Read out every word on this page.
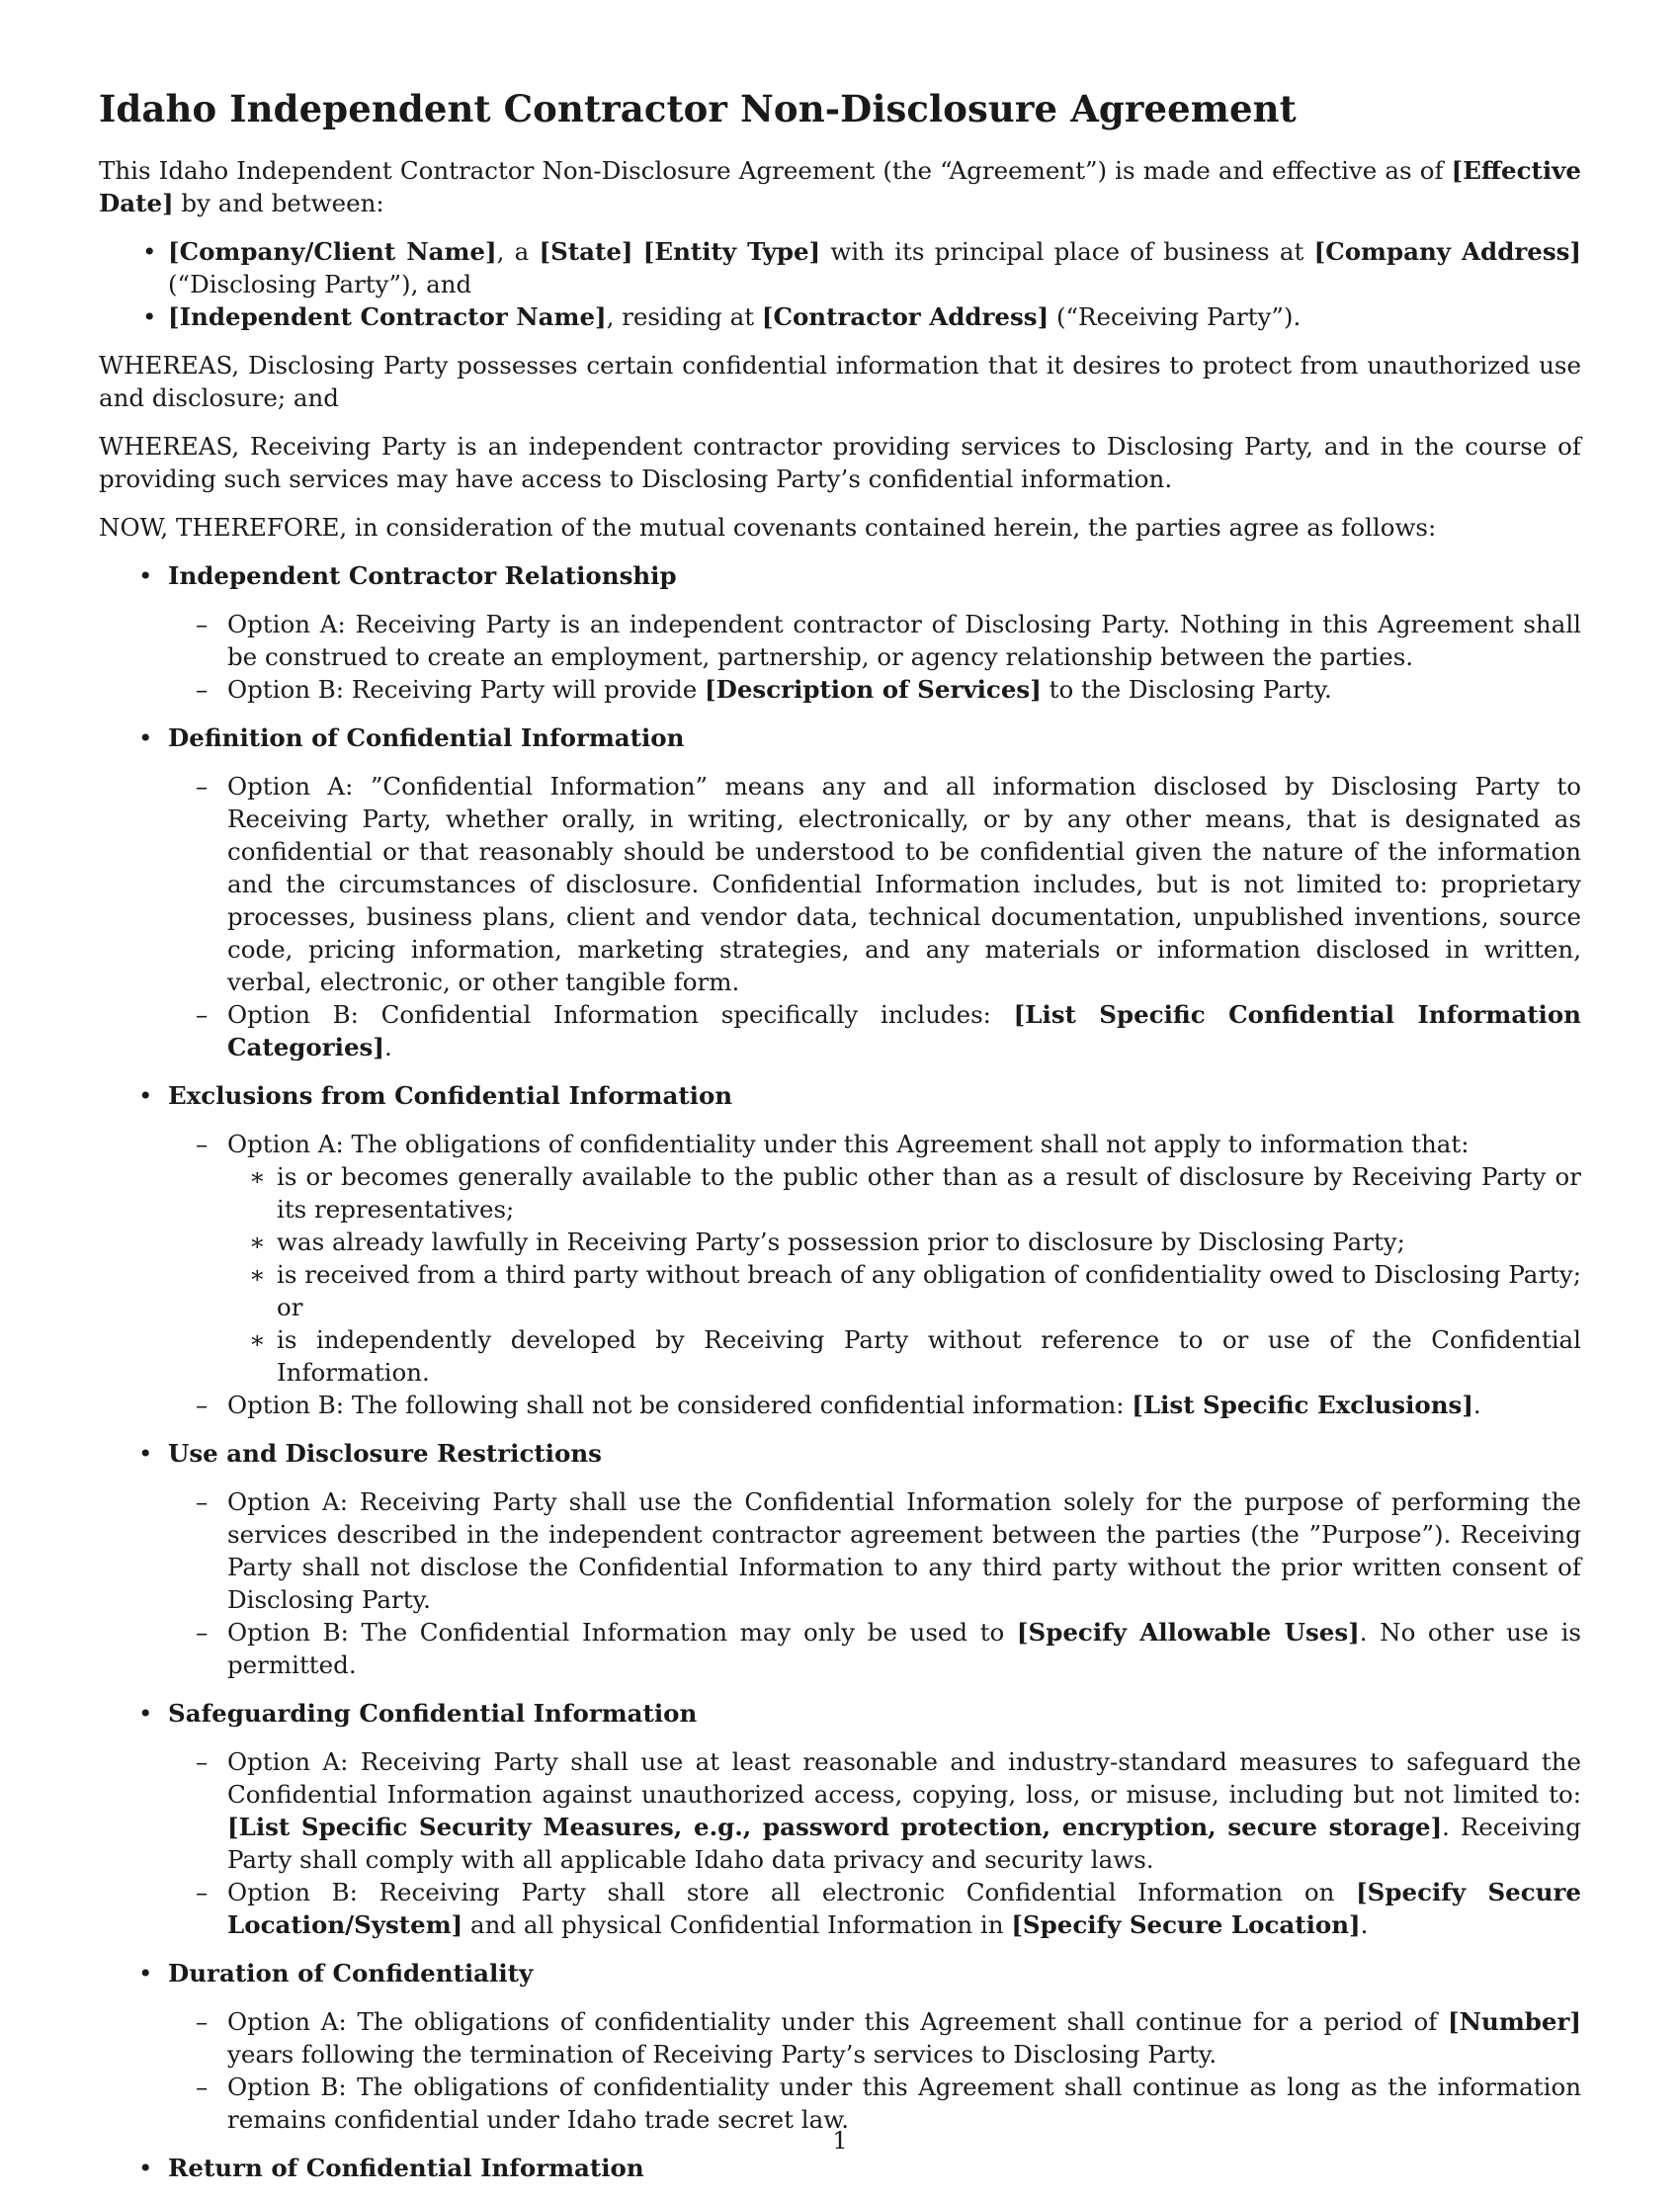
Idaho Independent Contractor Non-Disclosure Agreement

This Idaho Independent Contractor Non-Disclosure Agreement (the “Agreement”) is made and effective as of [Effective Date] by and between:

• [Company/Client Name], a [State] [Entity Type] with its principal place of business at [Company Address] (“Disclosing Party”), and
• [Independent Contractor Name], residing at [Contractor Address] (“Receiving Party”).

WHEREAS, Disclosing Party possesses certain confidential information that it desires to protect from unauthorized use and disclosure; and

WHEREAS, Receiving Party is an independent contractor providing services to Disclosing Party, and in the course of providing such services may have access to Disclosing Party’s confidential information.

NOW, THEREFORE, in consideration of the mutual covenants contained herein, the parties agree as follows:

• Independent Contractor Relationship
– Option A: Receiving Party is an independent contractor of Disclosing Party. Nothing in this Agreement shall be construed to create an employment, partnership, or agency relationship between the parties.
– Option B: Receiving Party will provide [Description of Services] to the Disclosing Party.
• Definition of Confidential Information
– Option A: ”Confidential Information” means any and all information disclosed by Disclosing Party to Receiving Party, whether orally, in writing, electronically, or by any other means, that is designated as confidential or that reasonably should be understood to be confidential given the nature of the information and the circumstances of disclosure. Confidential Information includes, but is not limited to: proprietary processes, business plans, client and vendor data, technical documentation, unpublished inventions, source code, pricing information, marketing strategies, and any materials or information disclosed in written, verbal, electronic, or other tangible form.
– Option B: Confidential Information specifically includes: [List Specific Confidential Information Categories].
• Exclusions from Confidential Information
– Option A: The obligations of confidentiality under this Agreement shall not apply to information that:
∗ is or becomes generally available to the public other than as a result of disclosure by Receiving Party or its representatives;
∗ was already lawfully in Receiving Party’s possession prior to disclosure by Disclosing Party;
∗ is received from a third party without breach of any obligation of confidentiality owed to Disclosing Party; or
∗ is independently developed by Receiving Party without reference to or use of the Confidential Information.
– Option B: The following shall not be considered confidential information: [List Specific Exclusions].
• Use and Disclosure Restrictions
– Option A: Receiving Party shall use the Confidential Information solely for the purpose of performing the services described in the independent contractor agreement between the parties (the ”Purpose”). Receiving Party shall not disclose the Confidential Information to any third party without the prior written consent of Disclosing Party.
– Option B: The Confidential Information may only be used to [Specify Allowable Uses]. No other use is permitted.
• Safeguarding Confidential Information
– Option A: Receiving Party shall use at least reasonable and industry-standard measures to safeguard the Confidential Information against unauthorized access, copying, loss, or misuse, including but not limited to: [List Specific Security Measures, e.g., password protection, encryption, secure storage]. Receiving Party shall comply with all applicable Idaho data privacy and security laws.
– Option B: Receiving Party shall store all electronic Confidential Information on [Specify Secure Location/System] and all physical Confidential Information in [Specify Secure Location].
• Duration of Confidentiality
– Option A: The obligations of confidentiality under this Agreement shall continue for a period of [Number] years following the termination of Receiving Party’s services to Disclosing Party.
– Option B: The obligations of confidentiality under this Agreement shall continue as long as the information remains confidential under Idaho trade secret law.
• Return of Confidential Information
1
